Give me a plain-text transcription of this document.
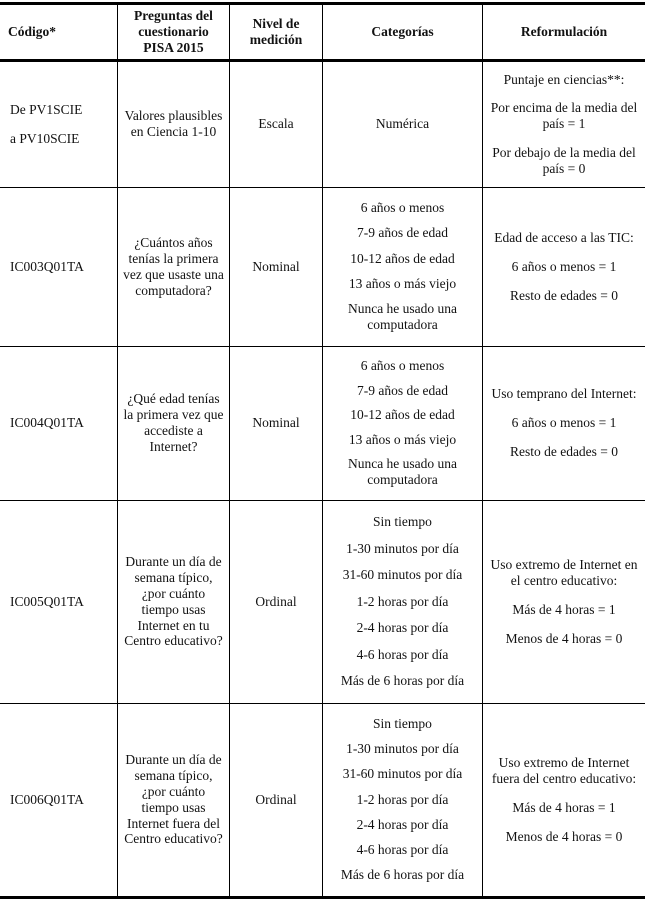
Código*
Preguntas del cuestionario PISA 2015
Nivel de medición
Categorías	Reformulación
De PV1SCIE
a PV10SCIE
Valores plausibles en Ciencia 1-10
Escala	Numérica
Puntaje en ciencias**:
Por encima de la media del país = 1
Por debajo de la media del país = 0
IC003Q01TA
¿Cuántos años tenías la primera vez que usaste una computadora?
Nominal
6 años o menos
7-9 años de edad
10-12 años de edad
13 años o más viejo
Nunca he usado una computadora
Edad de acceso a las TIC:
6 años o menos = 1
Resto de edades = 0
IC004Q01TA
¿Qué edad tenías la primera vez que accediste a Internet?
Nominal
6 años o menos
7-9 años de edad
10-12 años de edad
13 años o más viejo
Nunca he usado una computadora
Uso temprano del Internet:
6 años o menos = 1
Resto de edades = 0
IC005Q01TA
Durante un día de semana típico, ¿por cuánto tiempo usas Internet en tu Centro educativo?
Ordinal
Sin tiempo
1-30 minutos por día
31-60 minutos por día
1-2 horas por día
2-4 horas por día
4-6 horas por día
Más de 6 horas por día
Uso extremo de Internet en el centro educativo:
Más de 4 horas = 1
Menos de 4 horas = 0
IC006Q01TA
Durante un día de semana típico, ¿por cuánto tiempo usas Internet fuera del Centro educativo?
Ordinal
Sin tiempo
1-30 minutos por día
31-60 minutos por día
1-2 horas por día
2-4 horas por día
4-6 horas por día
Más de 6 horas por día
Uso extremo de Internet fuera del centro educativo:
Más de 4 horas = 1
Menos de 4 horas = 0
